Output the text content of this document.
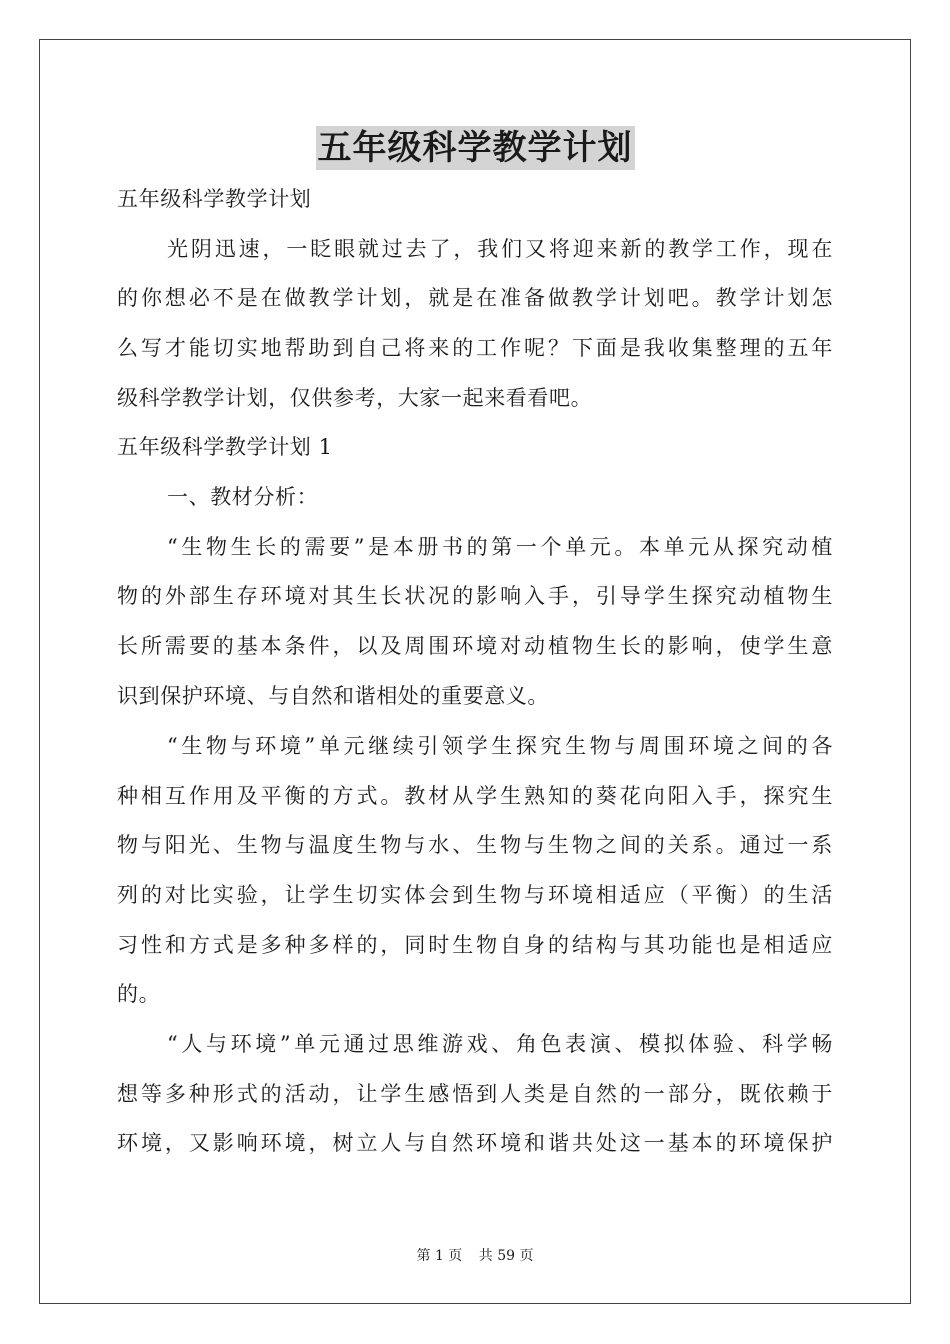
五年级科学教学计划
五年级科学教学计划
光阴迅速，一眨眼就过去了，我们又将迎来新的教学工作，现在
的你想必不是在做教学计划，就是在准备做教学计划吧。教学计划怎
么写才能切实地帮助到自己将来的工作呢？下面是我收集整理的五年
级科学教学计划，仅供参考，大家一起来看看吧。
五年级科学教学计划 1
一、教材分析：
“生物生长的需要”是本册书的第一个单元。本单元从探究动植
物的外部生存环境对其生长状况的影响入手，引导学生探究动植物生
长所需要的基本条件，以及周围环境对动植物生长的影响，使学生意
识到保护环境、与自然和谐相处的重要意义。
“生物与环境”单元继续引领学生探究生物与周围环境之间的各
种相互作用及平衡的方式。教材从学生熟知的葵花向阳入手，探究生
物与阳光、生物与温度生物与水、生物与生物之间的关系。通过一系
列的对比实验，让学生切实体会到生物与环境相适应（平衡）的生活
习性和方式是多种多样的，同时生物自身的结构与其功能也是相适应
的。
“人与环境”单元通过思维游戏、角色表演、模拟体验、科学畅
想等多种形式的活动，让学生感悟到人类是自然的一部分，既依赖于
环境，又影响环境，树立人与自然环境和谐共处这一基本的环境保护
第 1 页 共 59 页
